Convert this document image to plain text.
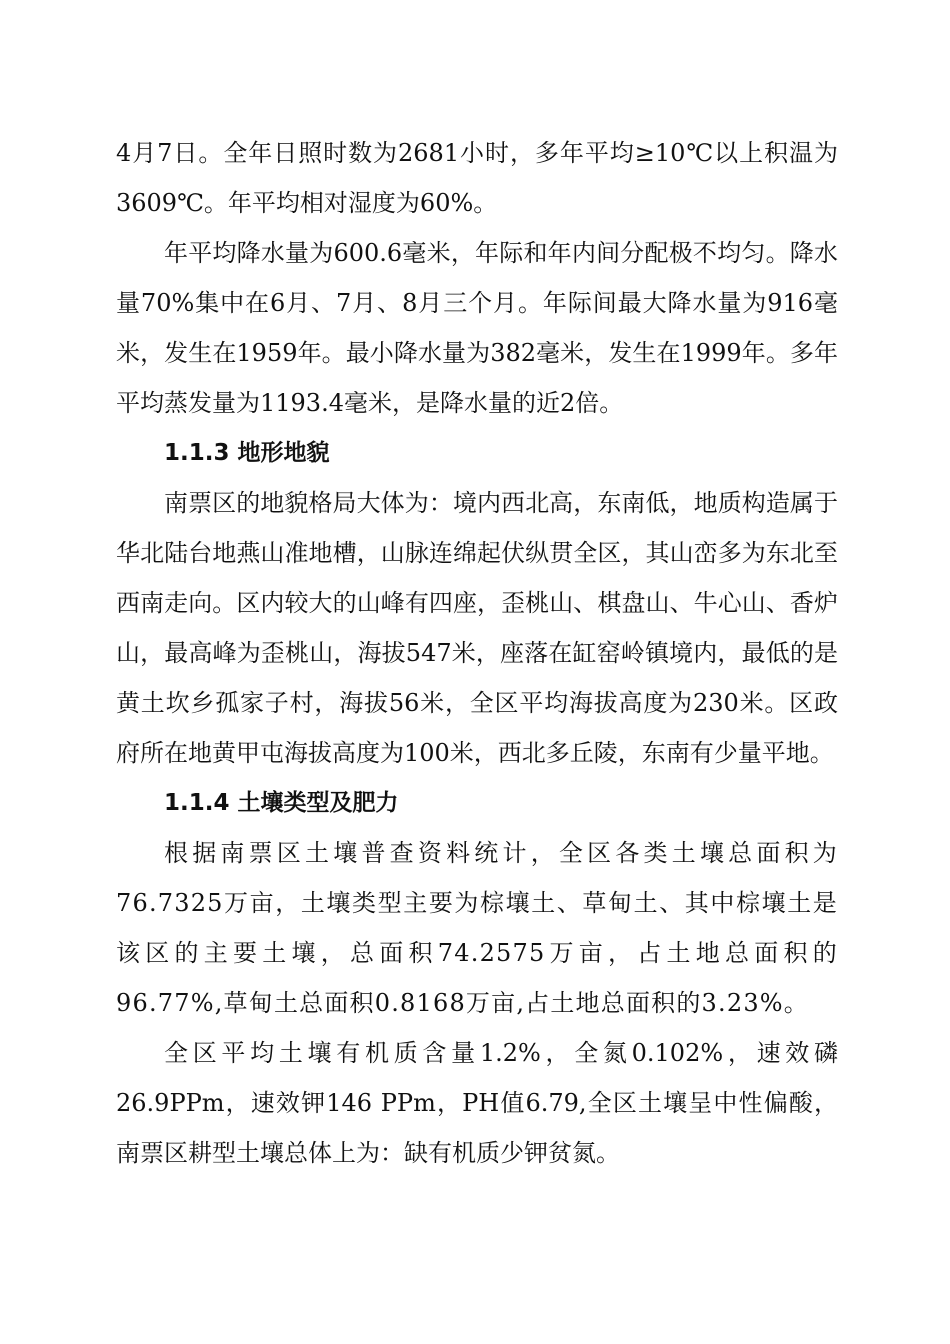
4月7日。全年日照时数为2681小时，多年平均≥10℃以上积温为3609℃。年平均相对湿度为60%。

年平均降水量为600.6毫米，年际和年内间分配极不均匀。降水量70%集中在6月、7月、8月三个月。年际间最大降水量为916毫米，发生在1959年。最小降水量为382毫米，发生在1999年。多年平均蒸发量为1193.4毫米，是降水量的近2倍。

1.1.3 地形地貌

南票区的地貌格局大体为：境内西北高，东南低，地质构造属于华北陆台地燕山准地槽，山脉连绵起伏纵贯全区，其山峦多为东北至西南走向。区内较大的山峰有四座，歪桃山、棋盘山、牛心山、香炉山，最高峰为歪桃山，海拔547米，座落在缸窑岭镇境内，最低的是黄土坎乡孤家子村，海拔56米，全区平均海拔高度为230米。区政府所在地黄甲屯海拔高度为100米，西北多丘陵，东南有少量平地。

1.1.4 土壤类型及肥力

根据南票区土壤普查资料统计，全区各类土壤总面积为76.7325万亩，土壤类型主要为棕壤土、草甸土、其中棕壤土是该区的主要土壤，总面积74.2575万亩，占土地总面积的96.77%,草甸土总面积0.8168万亩,占土地总面积的3.23%。

全区平均土壤有机质含量1.2%，全氮0.102%，速效磷26.9PPm，速效钾146 PPm，PH值6.79,全区土壤呈中性偏酸，南票区耕型土壤总体上为：缺有机质少钾贫氮。
